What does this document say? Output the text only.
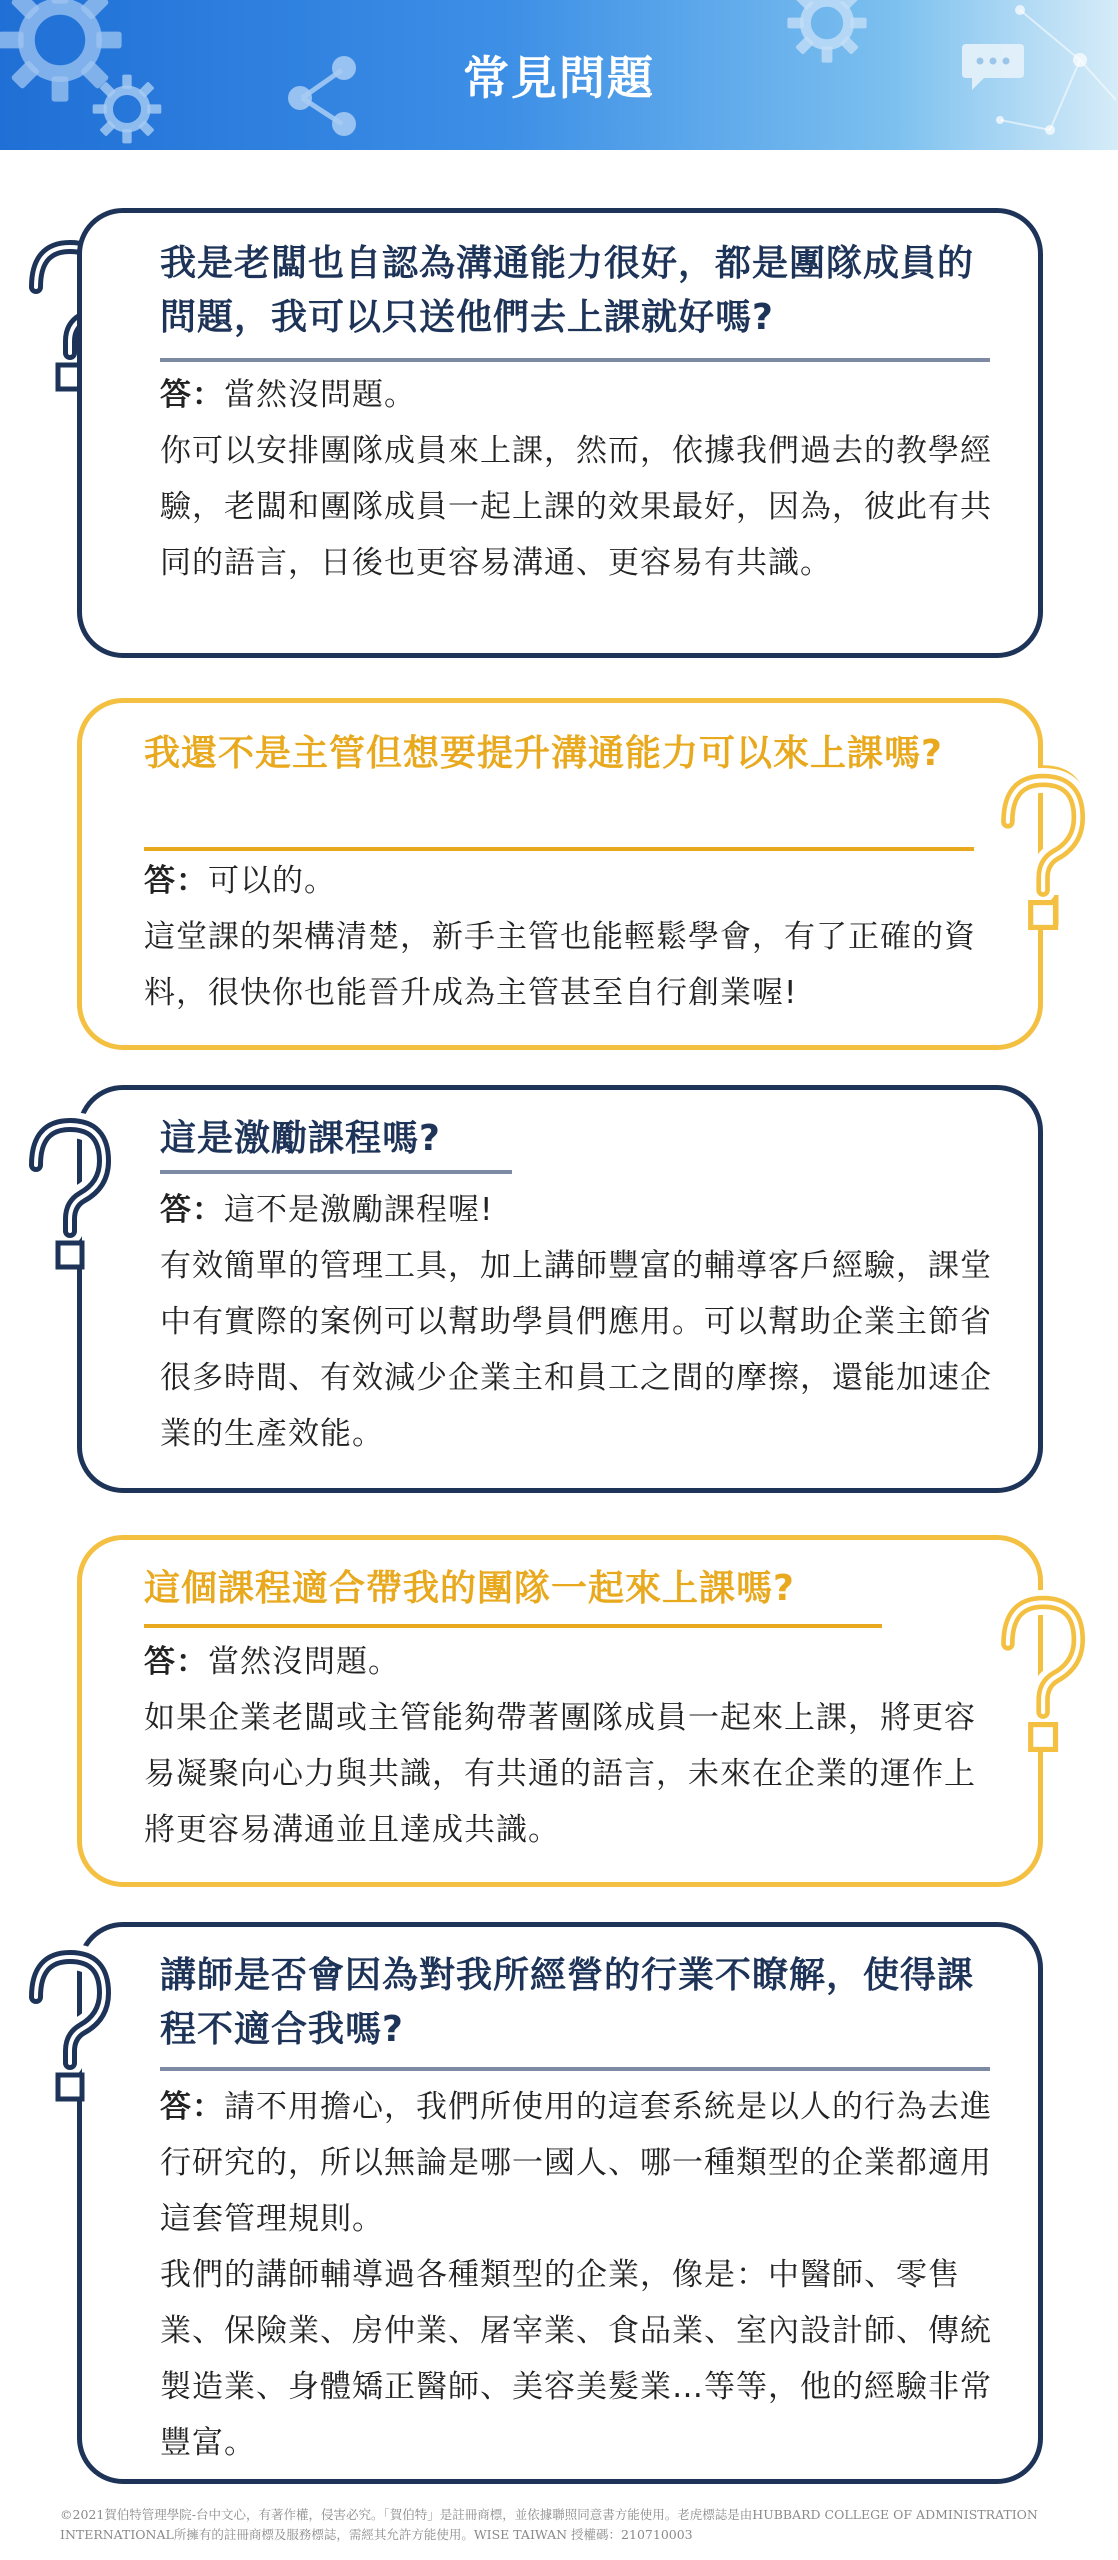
常見問題
我是老闆也自認為溝通能力很好，都是團隊成員的問題，我可以只送他們去上課就好嗎?

答：當然沒問題。

你可以安排團隊成員來上課，然而，依據我們過去的教學經驗，老闆和團隊成員一起上課的效果最好，因為，彼此有共同的語言，日後也更容易溝通、更容易有共識。

我還不是主管但想要提升溝通能力可以來上課嗎?

答：可以的。

這堂課的架構清楚，新手主管也能輕鬆學會，有了正確的資料，很快你也能晉升成為主管甚至自行創業喔!

這是激勵課程嗎?

答：這不是激勵課程喔!

有效簡單的管理工具，加上講師豐富的輔導客戶經驗，課堂中有實際的案例可以幫助學員們應用。可以幫助企業主節省很多時間、有效減少企業主和員工之間的摩擦，還能加速企業的生產效能。

這個課程適合帶我的團隊一起來上課嗎?

答：當然沒問題。

如果企業老闆或主管能夠帶著團隊成員一起來上課，將更容易凝聚向心力與共識，有共通的語言，未來在企業的運作上將更容易溝通並且達成共識。

講師是否會因為對我所經營的行業不瞭解，使得課程不適合我嗎?

答：請不用擔心，我們所使用的這套系統是以人的行為去進行研究的，所以無論是哪一國人、哪一種類型的企業都適用這套管理規則。

我們的講師輔導過各種類型的企業，像是：中醫師、零售業、保險業、房仲業、屠宰業、食品業、室內設計師、傳統製造業、身體矯正醫師、美容美髮業…等等，他的經驗非常豐富。

©2021賀伯特管理學院-台中文心，有著作權，侵害必究。「賀伯特」是註冊商標，並依據聯照同意書方能使用。老虎標誌是由HUBBARD COLLEGE OF ADMINISTRATION
INTERNATIONAL所擁有的註冊商標及服務標誌，需經其允許方能使用。WISE TAIWAN 授權碼：210710003
